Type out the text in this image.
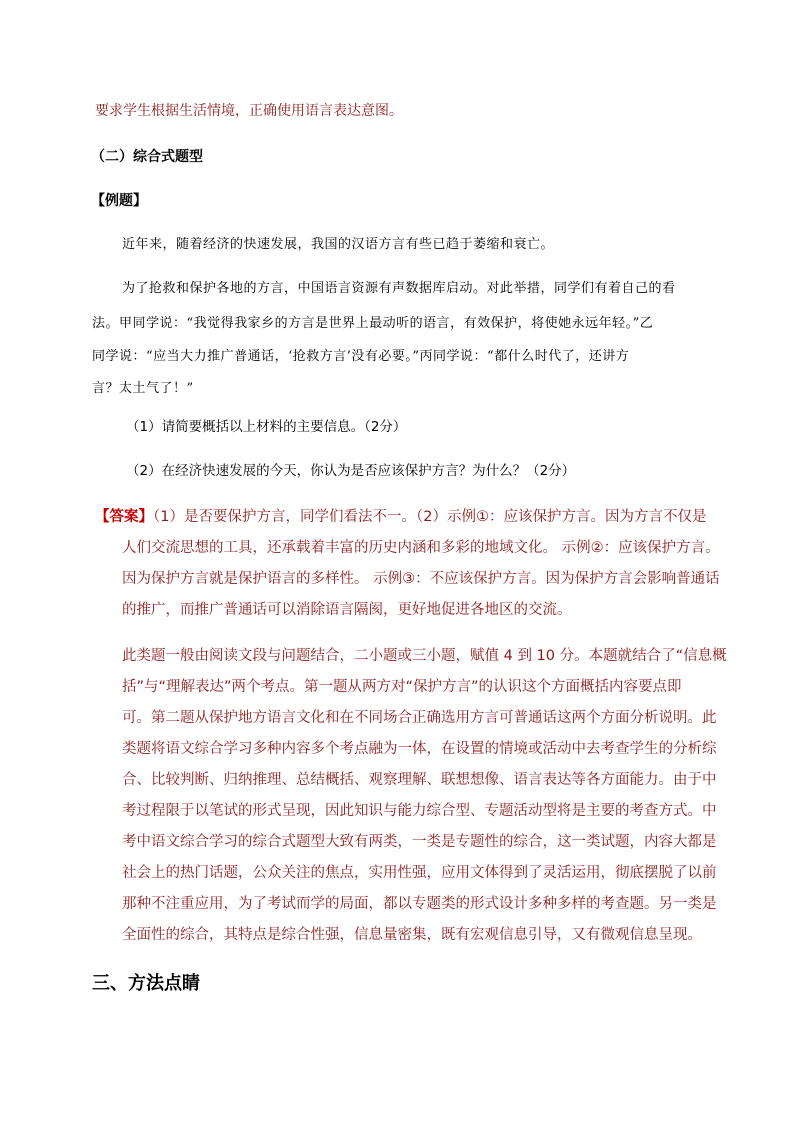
要求学生根据生活情境，正确使用语言表达意图。
（二）综合式题型
【例题】
近年来，随着经济的快速发展，我国的汉语方言有些已趋于萎缩和衰亡。
为了抢救和保护各地的方言，中国语言资源有声数据库启动。对此举措，同学们有着自己的看
法。甲同学说：“我觉得我家乡的方言是世界上最动听的语言，有效保护，将使她永远年轻。”乙
同学说：“应当大力推广普通话，‘抢救方言’没有必要。”丙同学说：“都什么时代了，还讲方
言？太土气了！”
（1）请简要概括以上材料的主要信息。（2分）
（2）在经济快速发展的今天，你认为是否应该保护方言？为什么？（2分）
【答案】（1）是否要保护方言，同学们看法不一。（2）示例①：应该保护方言。因为方言不仅是
人们交流思想的工具，还承载着丰富的历史内涵和多彩的地域文化。 示例②：应该保护方言。
因为保护方言就是保护语言的多样性。 示例③：不应该保护方言。因为保护方言会影响普通话
的推广，而推广普通话可以消除语言隔阂，更好地促进各地区的交流。
此类题一般由阅读文段与问题结合，二小题或三小题，赋值 4 到 10 分。本题就结合了“信息概
括”与“理解表达”两个考点。第一题从两方对“保护方言”的认识这个方面概括内容要点即
可。第二题从保护地方语言文化和在不同场合正确选用方言可普通话这两个方面分析说明。此
类题将语文综合学习多种内容多个考点融为一体，在设置的情境或活动中去考查学生的分析综
合、比较判断、归纳推理、总结概括、观察理解、联想想像、语言表达等各方面能力。由于中
考过程限于以笔试的形式呈现，因此知识与能力综合型、专题活动型将是主要的考查方式。中
考中语文综合学习的综合式题型大致有两类，一类是专题性的综合，这一类试题，内容大都是
社会上的热门话题，公众关注的焦点，实用性强，应用文体得到了灵活运用，彻底摆脱了以前
那种不注重应用，为了考试而学的局面，都以专题类的形式设计多种多样的考查题。另一类是
全面性的综合，其特点是综合性强，信息量密集，既有宏观信息引导，又有微观信息呈现。
三、方法点睛
